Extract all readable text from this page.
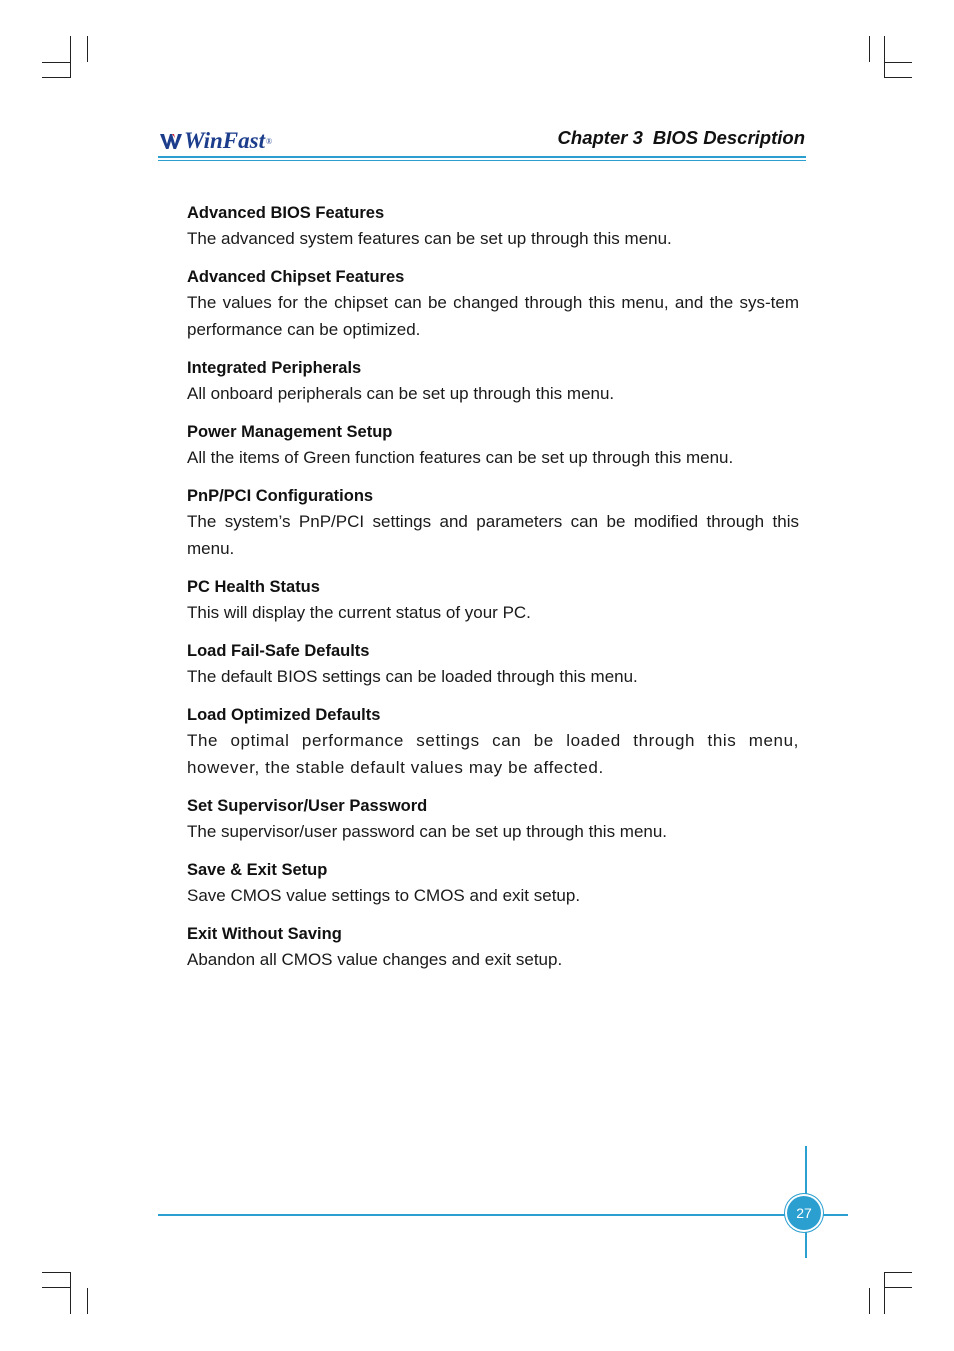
WinFast ®	Chapter 3 BIOS Description
Advanced BIOS Features

The advanced system features can be set up through this menu.

Advanced Chipset Features

The values for the chipset can be changed through this menu, and the sys-tem performance can be optimized.

Integrated Peripherals

All onboard peripherals can be set up through this menu.

Power Management Setup

All the items of Green function features can be set up through this menu.

PnP/PCI Configurations

The system’s PnP/PCI settings and parameters can be modified through this menu.

PC Health Status

This will display the current status of your PC.

Load Fail-Safe Defaults

The default BIOS settings can be loaded through this menu.

Load Optimized Defaults

The optimal performance settings can be loaded through this menu, however, the stable default values may be affected.

Set Supervisor/User Password

The supervisor/user password can be set up through this menu.

Save & Exit Setup

Save CMOS value settings to CMOS and exit setup.

Exit Without Saving

Abandon all CMOS value changes and exit setup.

27
